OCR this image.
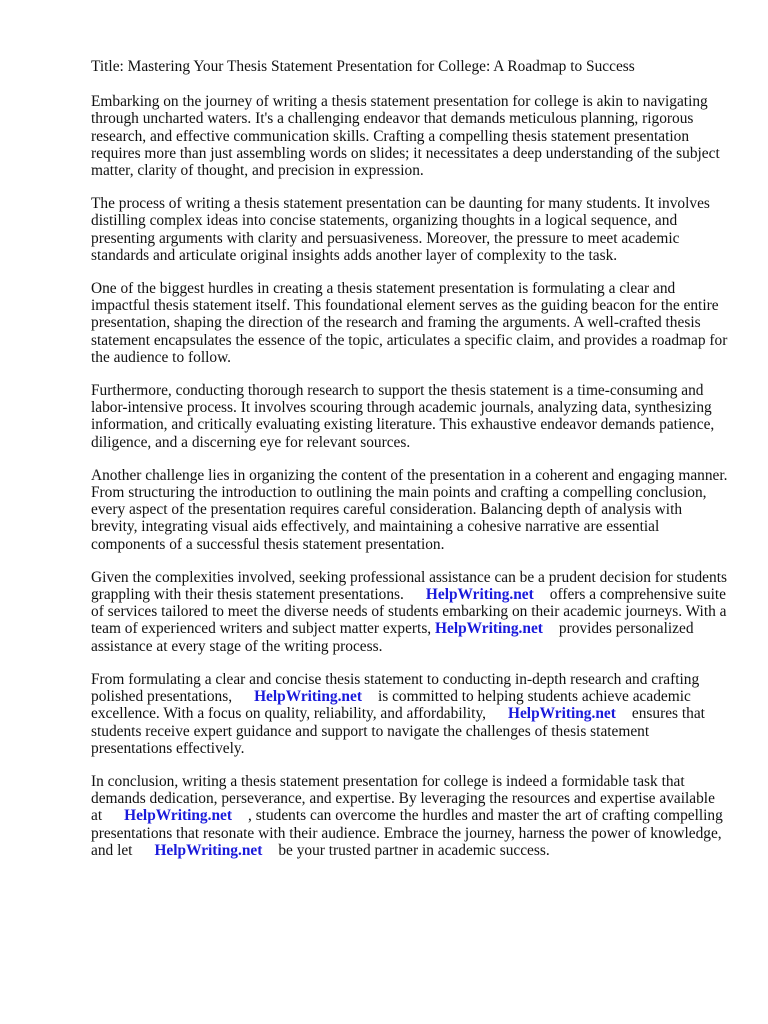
Title: Mastering Your Thesis Statement Presentation for College: A Roadmap to Success

Embarking on the journey of writing a thesis statement presentation for college is akin to navigating through uncharted waters. It's a challenging endeavor that demands meticulous planning, rigorous research, and effective communication skills. Crafting a compelling thesis statement presentation requires more than just assembling words on slides; it necessitates a deep understanding of the subject matter, clarity of thought, and precision in expression.

The process of writing a thesis statement presentation can be daunting for many students. It involves distilling complex ideas into concise statements, organizing thoughts in a logical sequence, and presenting arguments with clarity and persuasiveness. Moreover, the pressure to meet academic standards and articulate original insights adds another layer of complexity to the task.

One of the biggest hurdles in creating a thesis statement presentation is formulating a clear and impactful thesis statement itself. This foundational element serves as the guiding beacon for the entire presentation, shaping the direction of the research and framing the arguments. A well-crafted thesis statement encapsulates the essence of the topic, articulates a specific claim, and provides a roadmap for the audience to follow.

Furthermore, conducting thorough research to support the thesis statement is a time-consuming and labor-intensive process. It involves scouring through academic journals, analyzing data, synthesizing information, and critically evaluating existing literature. This exhaustive endeavor demands patience, diligence, and a discerning eye for relevant sources.

Another challenge lies in organizing the content of the presentation in a coherent and engaging manner. From structuring the introduction to outlining the main points and crafting a compelling conclusion, every aspect of the presentation requires careful consideration. Balancing depth of analysis with brevity, integrating visual aids effectively, and maintaining a cohesive narrative are essential components of a successful thesis statement presentation.

Given the complexities involved, seeking professional assistance can be a prudent decision for students grappling with their thesis statement presentations. HelpWriting.net offers a comprehensive suite of services tailored to meet the diverse needs of students embarking on their academic journeys. With a team of experienced writers and subject matter experts, HelpWriting.net provides personalized assistance at every stage of the writing process.

From formulating a clear and concise thesis statement to conducting in-depth research and crafting polished presentations, HelpWriting.net is committed to helping students achieve academic excellence. With a focus on quality, reliability, and affordability, HelpWriting.net ensures that students receive expert guidance and support to navigate the challenges of thesis statement presentations effectively.

In conclusion, writing a thesis statement presentation for college is indeed a formidable task that demands dedication, perseverance, and expertise. By leveraging the resources and expertise available at HelpWriting.net , students can overcome the hurdles and master the art of crafting compelling presentations that resonate with their audience. Embrace the journey, harness the power of knowledge, and let HelpWriting.net be your trusted partner in academic success.
